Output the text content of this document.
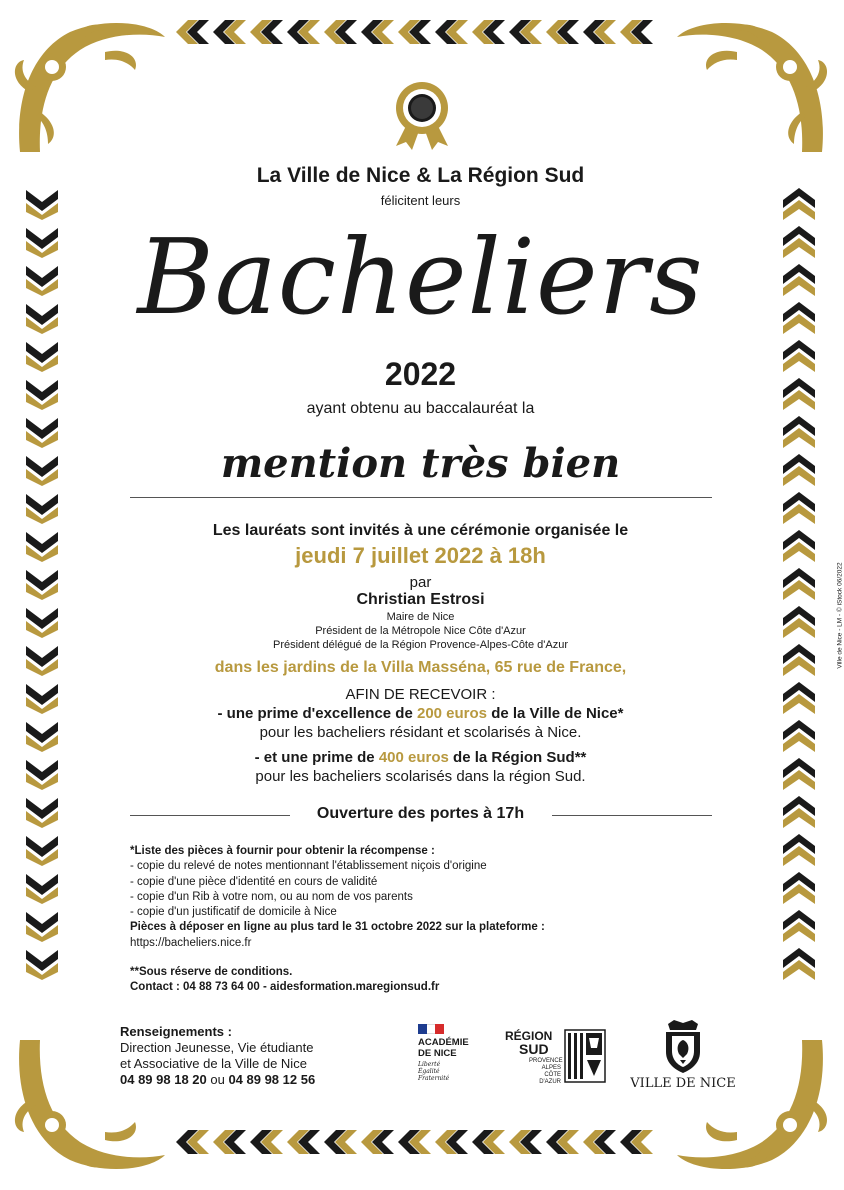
La Ville de Nice & La Région Sud
félicitent leurs
Bacheliers
2022
ayant obtenu au baccalauréat la
mention très bien
Les lauréats sont invités à une cérémonie organisée le
jeudi 7 juillet 2022 à 18h
par
Christian Estrosi
Maire de Nice
Président de la Métropole Nice Côte d'Azur
Président délégué de la Région Provence-Alpes-Côte d'Azur
dans les jardins de la Villa Masséna, 65 rue de France,
AFIN DE RECEVOIR :
- une prime d'excellence de 200 euros de la Ville de Nice*
pour les bacheliers résidant et scolarisés à Nice.
- et une prime de 400 euros de la Région Sud**
pour les bacheliers scolarisés dans la région Sud.
Ouverture des portes à 17h
*Liste des pièces à fournir pour obtenir la récompense :
- copie du relevé de notes mentionnant l'établissement niçois d'origine
- copie d'une pièce d'identité en cours de validité
- copie d'un Rib à votre nom, ou au nom de vos parents
- copie d'un justificatif de domicile à Nice
Pièces à déposer en ligne au plus tard le 31 octobre 2022 sur la plateforme :
https://bacheliers.nice.fr
**Sous réserve de conditions.
Contact : 04 88 73 64 00 - aidesformation.maregionsud.fr
Renseignements :
Direction Jeunesse, Vie étudiante
et Associative de la Ville de Nice
04 89 98 18 20 ou 04 89 98 12 56
ACADÉMIE
DE NICE
Liberté
Égalité
Fraternité
RÉGION
SUD
PROVENCE
ALPES
CÔTE D'AZUR	VILLE DE NICE
Ville de Nice - LM - © iStock 06/2022
